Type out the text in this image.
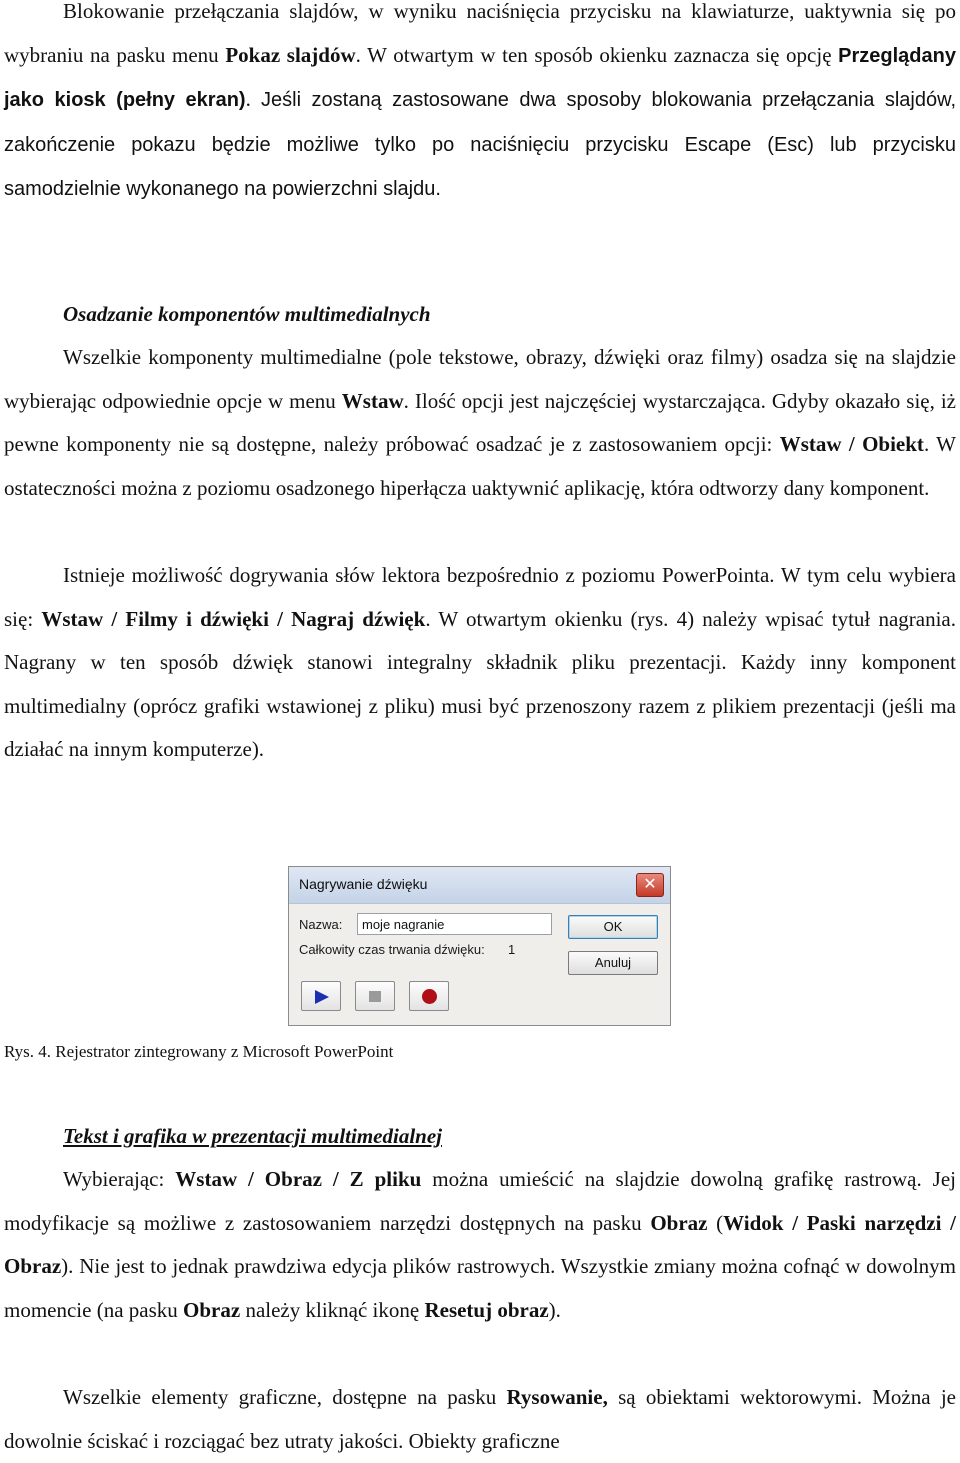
Blokowanie przełączania slajdów, w wyniku naciśnięcia przycisku na klawiaturze, uaktywnia się po wybraniu na pasku menu Pokaz slajdów. W otwartym w ten sposób okienku zaznacza się opcję Przeglądany jako kiosk (pełny ekran). Jeśli zostaną zastosowane dwa sposoby blokowania przełączania slajdów, zakończenie pokazu będzie możliwe tylko po naciśnięciu przycisku Escape (Esc) lub przycisku samodzielnie wykonanego na powierzchni slajdu.

Osadzanie komponentów multimedialnych

Wszelkie komponenty multimedialne (pole tekstowe, obrazy, dźwięki oraz filmy) osadza się na slajdzie wybierając odpowiednie opcje w menu Wstaw. Ilość opcji jest najczęściej wystarczająca. Gdyby okazało się, iż pewne komponenty nie są dostępne, należy próbować osadzać je z zastosowaniem opcji: Wstaw / Obiekt. W ostateczności można z poziomu osadzonego hiperłącza uaktywnić aplikację, która odtworzy dany komponent.

Istnieje możliwość dogrywania słów lektora bezpośrednio z poziomu PowerPointa. W tym celu wybiera się: Wstaw / Filmy i dźwięki / Nagraj dźwięk. W otwartym okienku (rys. 4) należy wpisać tytuł nagrania. Nagrany w ten sposób dźwięk stanowi integralny składnik pliku prezentacji. Każdy inny komponent multimedialny (oprócz grafiki wstawionej z pliku) musi być przenoszony razem z plikiem prezentacji (jeśli ma działać na innym komputerze).

Tekst i grafika w prezentacji multimedialnej

Wybierając: Wstaw / Obraz / Z pliku można umieścić na slajdzie dowolną grafikę rastrową. Jej modyfikacje są możliwe z zastosowaniem narzędzi dostępnych na pasku Obraz (Widok / Paski narzędzi / Obraz). Nie jest to jednak prawdziwa edycja plików rastrowych. Wszystkie zmiany można cofnąć w dowolnym momencie (na pasku Obraz należy kliknąć ikonę Resetuj obraz).

Wszelkie elementy graficzne, dostępne na pasku Rysowanie, są obiektami wektorowymi. Można je dowolnie ściskać i rozciągać bez utraty jakości. Obiekty graficzne

Nagrywanie dźwięku	✕
Nazwa:	moje nagranie
Całkowity czas trwania dźwięku: 1
OK
Anuluj
Rys. 4. Rejestrator zintegrowany z Microsoft PowerPoint
